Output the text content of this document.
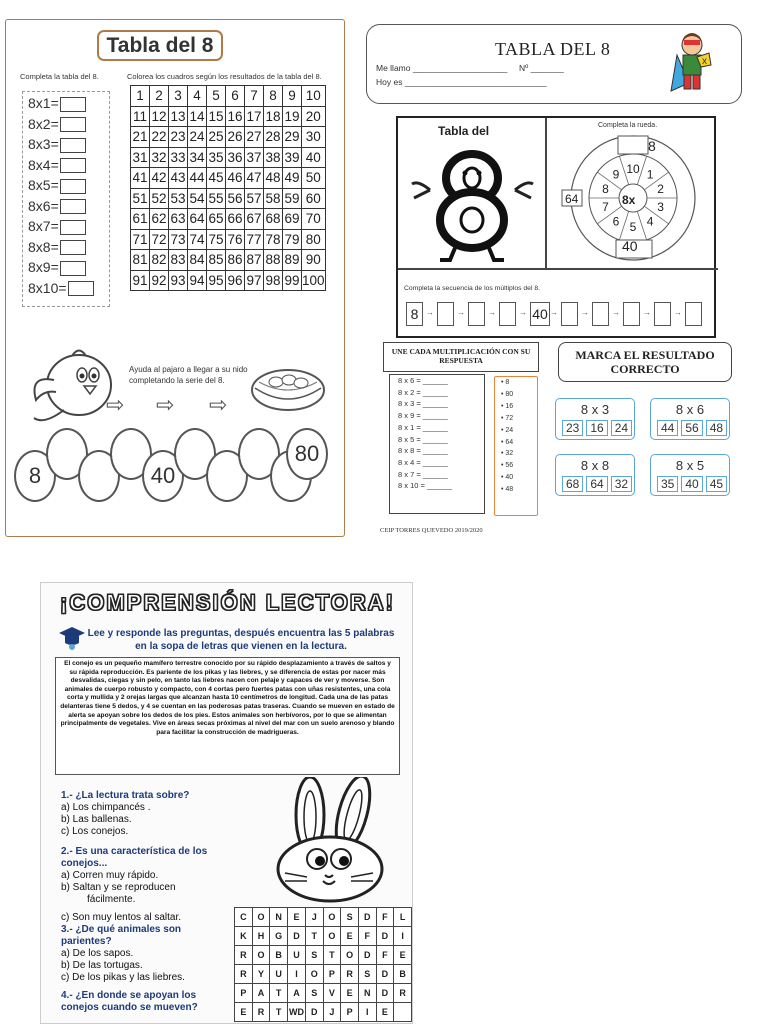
Tabla del 8
Completa la tabla del 8.	Colorea los cuadros según los resultados de la tabla del 8.
1	2	3	4	5	6	7	8	9	10
11	12	13	14	15	16	17	18	19	20
21	22	23	24	25	26	27	28	29	30
31	32	33	34	35	36	37	38	39	40
41	42	43	44	45	46	47	48	49	50
51	52	53	54	55	56	57	58	59	60
61	62	63	64	65	66	67	68	69	70
71	72	73	74	75	76	77	78	79	80
81	82	83	84	85	86	87	88	89	90
91	92	93	94	95	96	97	98	99	100
Ayuda al pajaro a llegar a su nido
completando la serie del 8.
⇨ ⇨ ⇨
8x1=
8x2=
8x3=
8x4=
8x5=
8x6=
8x7=
8x8=
8x9=
8x10=
8	40
80
TABLA DEL 8
Me llamo ____________________ Nº _______
Hoy es ______________________________
x
Tabla del	Completa la rueda.
10 1
2
3
4
5
6
7
8
9
8
40
64	8x
Completa la secuencia de los múltiplos del 8.
8 →	→	→	→ 40 →	→	→	→	→
UNE CADA MULTIPLICACIÓN CON SU RESPUESTA	MARCA EL RESULTADO CORRECTO
8 x 6 = ______
8 x 2 = ______
8 x 3 = ______
8 x 9 = ______
8 x 1 = ______
8 x 5 = ______
8 x 8 = ______
8 x 4 = ______
8 x 7 = ______
8 x 10 = ______
• 8
• 80
• 16
• 72
• 24
• 64
• 32
• 56
• 40
• 48
8 x 3
23 16 24
8 x 6
44 56 48
8 x 8
68 64 32
8 x 5
35 40 45
CEIP TORRES QUEVEDO 2019/2020
¡COMPRENSIÓN LECTORA!
Lee y responde las preguntas, después encuentra las 5 palabras en la sopa de letras que vienen en la lectura.
El conejo es un pequeño mamífero terrestre conocido por su rápido desplazamiento a través de saltos y su rápida reproducción. Es pariente de los pikas y las liebres, y se diferencia de estas por nacer más desvalidas, ciegas y sin pelo, en tanto las liebres nacen con pelaje y capaces de ver y moverse. Son animales de cuerpo robusto y compacto, con 4 cortas pero fuertes patas con uñas resistentes, una cola corta y mullida y 2 orejas largas que alcanzan hasta 10 centímetros de longitud. Cada una de las patas delanteras tiene 5 dedos, y 4 se cuentan en las poderosas patas traseras. Cuando se mueven en estado de alerta se apoyan sobre los dedos de los pies. Estos animales son herbívoros, por lo que se alimentan principalmente de vegetales. Vive en áreas secas próximas al nivel del mar con un suelo arenoso y blando para facilitar la construcción de madrigueras.
1.- ¿La lectura trata sobre?
a) Los chimpancés .
b) Las ballenas.
c) Los conejos.
2.- Es una característica de los
conejos...
a) Corren muy rápido.
b) Saltan y se reproducen
fácilmente.
c) Son muy lentos al saltar.
3.- ¿De qué animales son
parientes?
a) De los sapos.
b) De las tortugas.
c) De los pikas y las liebres.
4.- ¿En donde se apoyan los
conejos cuando se mueven?
C	O	N	E	J	O	S	D	F	L
K	H	G	D	T	O	E	F	D	I
R	O	B	U	S	T	O	D	F	E
R	Y	U	I	O	P	R	S	D	B
P	A	T	A	S	V	E	N	D	R
E	R	T	WD	D	J	P	I	E	
